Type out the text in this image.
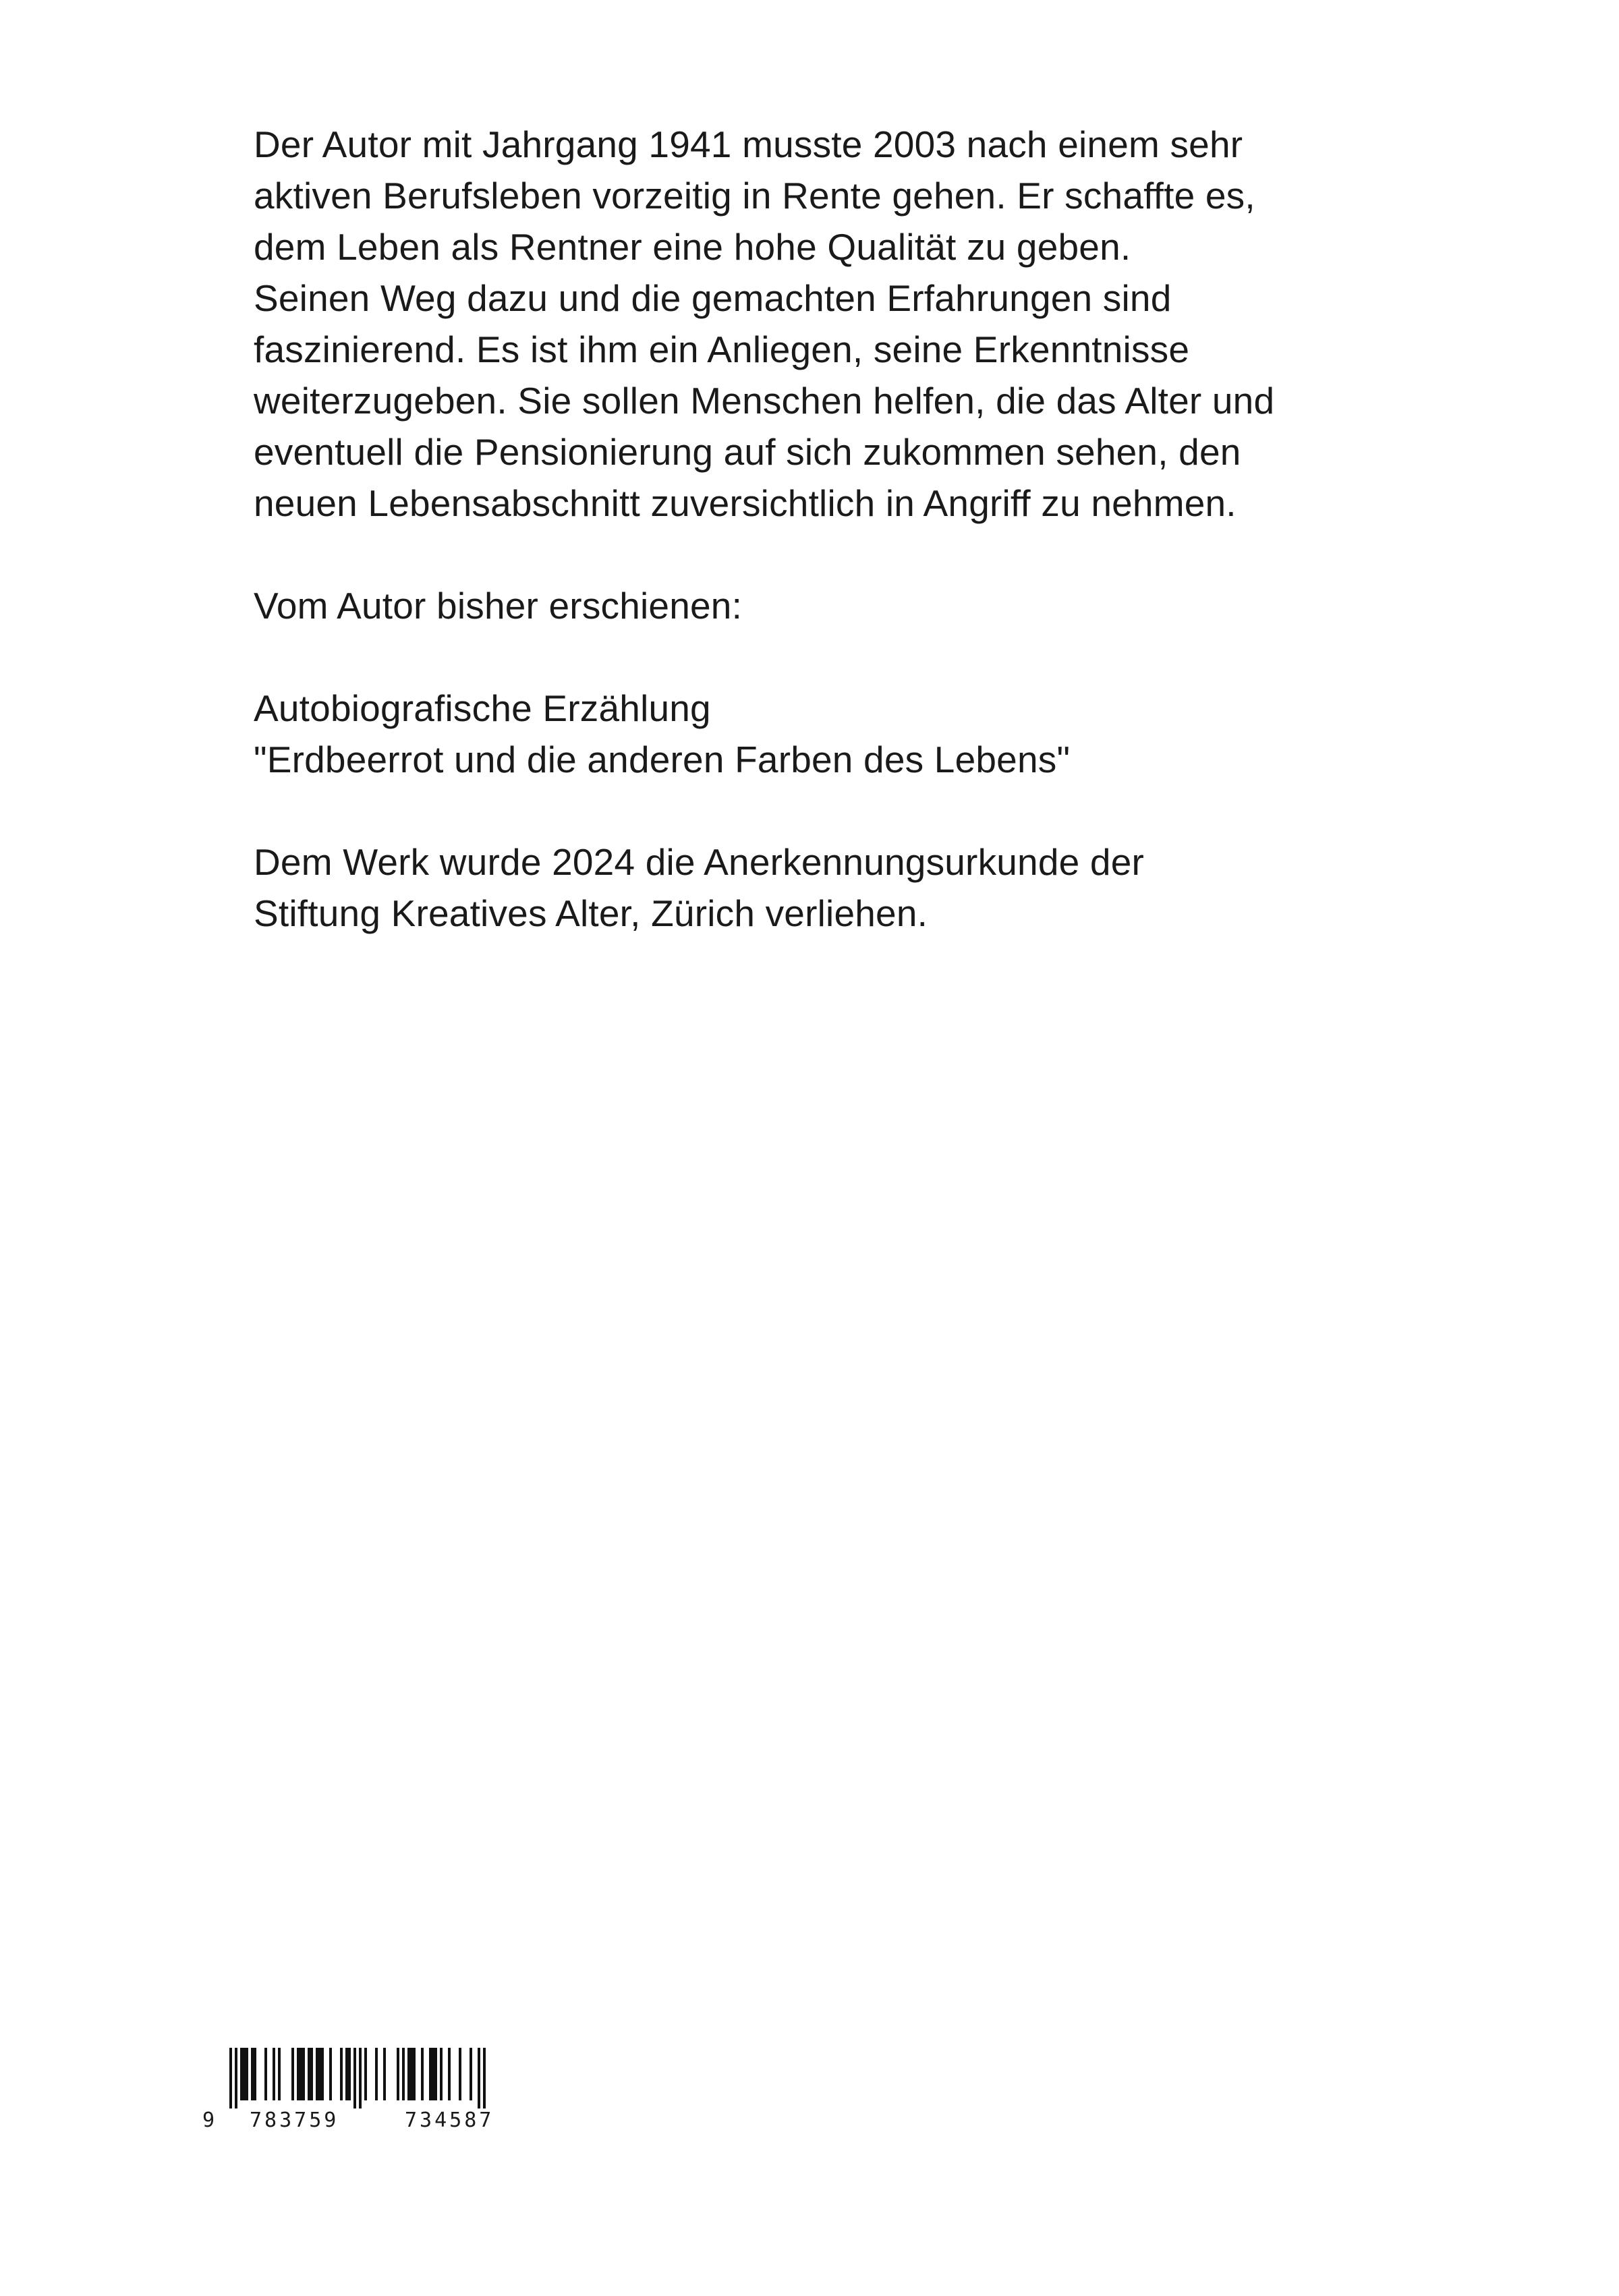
Der Autor mit Jahrgang 1941 musste 2003 nach einem sehr
aktiven Berufsleben vorzeitig in Rente gehen. Er schaffte es,
dem Leben als Rentner eine hohe Qualität zu geben.
Seinen Weg dazu und die gemachten Erfahrungen sind
faszinierend. Es ist ihm ein Anliegen, seine Erkenntnisse
weiterzugeben. Sie sollen Menschen helfen, die das Alter und
eventuell die Pensionierung auf sich zukommen sehen, den
neuen Lebensabschnitt zuversichtlich in Angriff zu nehmen.
Vom Autor bisher erschienen:
Autobiografische Erzählung
"Erdbeerrot und die anderen Farben des Lebens"
Dem Werk wurde 2024 die Anerkennungsurkunde der
Stiftung Kreatives Alter, Zürich verliehen.
9 783759	734587
